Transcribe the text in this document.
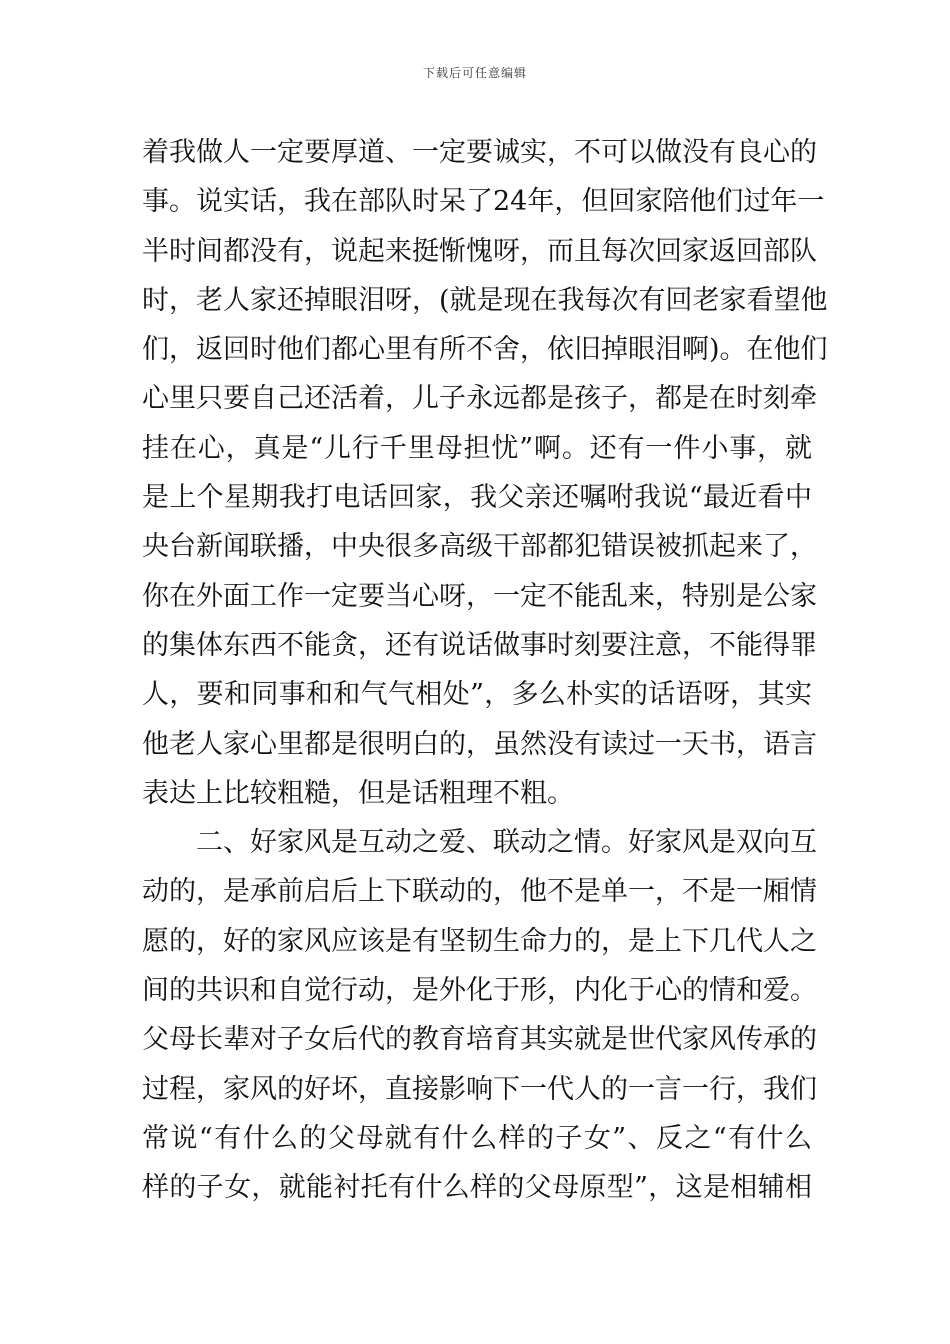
下载后可任意编辑
着我做人一定要厚道、一定要诚实，不可以做没有良心的
事。说实话，我在部队时呆了24年，但回家陪他们过年一
半时间都没有，说起来挺惭愧呀，而且每次回家返回部队
时，老人家还掉眼泪呀，(就是现在我每次有回老家看望他
们，返回时他们都心里有所不舍，依旧掉眼泪啊)。在他们
心里只要自己还活着，儿子永远都是孩子，都是在时刻牵
挂在心，真是“儿行千里母担忧”啊。还有一件小事，就
是上个星期我打电话回家，我父亲还嘱咐我说“最近看中
央台新闻联播，中央很多高级干部都犯错误被抓起来了，
你在外面工作一定要当心呀，一定不能乱来，特别是公家
的集体东西不能贪，还有说话做事时刻要注意，不能得罪
人，要和同事和和气气相处”，多么朴实的话语呀，其实
他老人家心里都是很明白的，虽然没有读过一天书，语言
表达上比较粗糙，但是话粗理不粗。
二、好家风是互动之爱、联动之情。好家风是双向互
动的，是承前启后上下联动的，他不是单一，不是一厢情
愿的，好的家风应该是有坚韧生命力的，是上下几代人之
间的共识和自觉行动，是外化于形，内化于心的情和爱。
父母长辈对子女后代的教育培育其实就是世代家风传承的
过程，家风的好坏，直接影响下一代人的一言一行，我们
常说“有什么的父母就有什么样的子女”、反之“有什么
样的子女，就能衬托有什么样的父母原型”，这是相辅相
